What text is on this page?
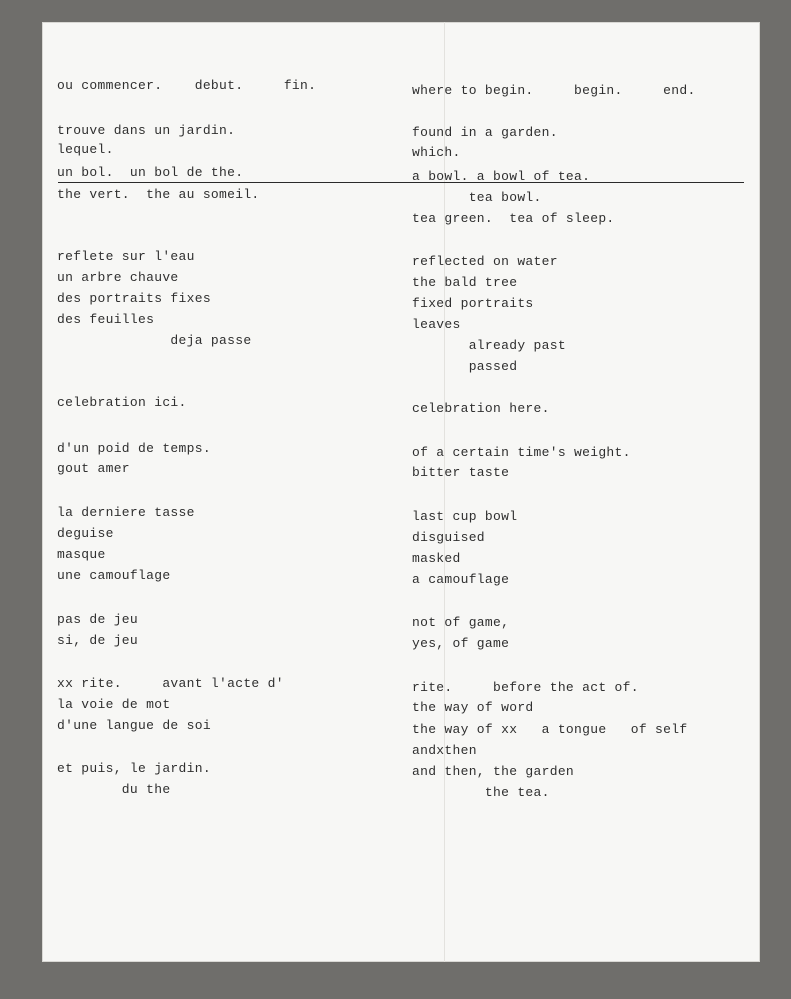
ou commencer.    debut.     fin.
trouve dans un jardin.
lequel.
un bol.  un bol de the.
the vert.  the au someil.
reflete sur l'eau
un arbre chauve
des portraits fixes
des feuilles
deja passe
celebration ici.
d'un poid de temps.
gout amer
la derniere tasse
deguise
masque
une camouflage
pas de jeu
si, de jeu
xx rite.     avant l'acte d'
la voie de mot
d'une langue de soi
et puis, le jardin.
du the
where to begin.     begin.     end.
found in a garden.
which.
a bowl. a bowl of tea.
tea bowl.
tea green.  tea of sleep.
reflected on water
the bald tree
fixed portraits
leaves
already past
passed
celebration here.
of a certain time's weight.
bitter taste
last cup bowl
disguised
masked
a camouflage
not of game,
yes, of game
rite.     before the act of.
the way of word
the way of xx   a tongue   of self
andxthen
and then, the garden
the tea.
